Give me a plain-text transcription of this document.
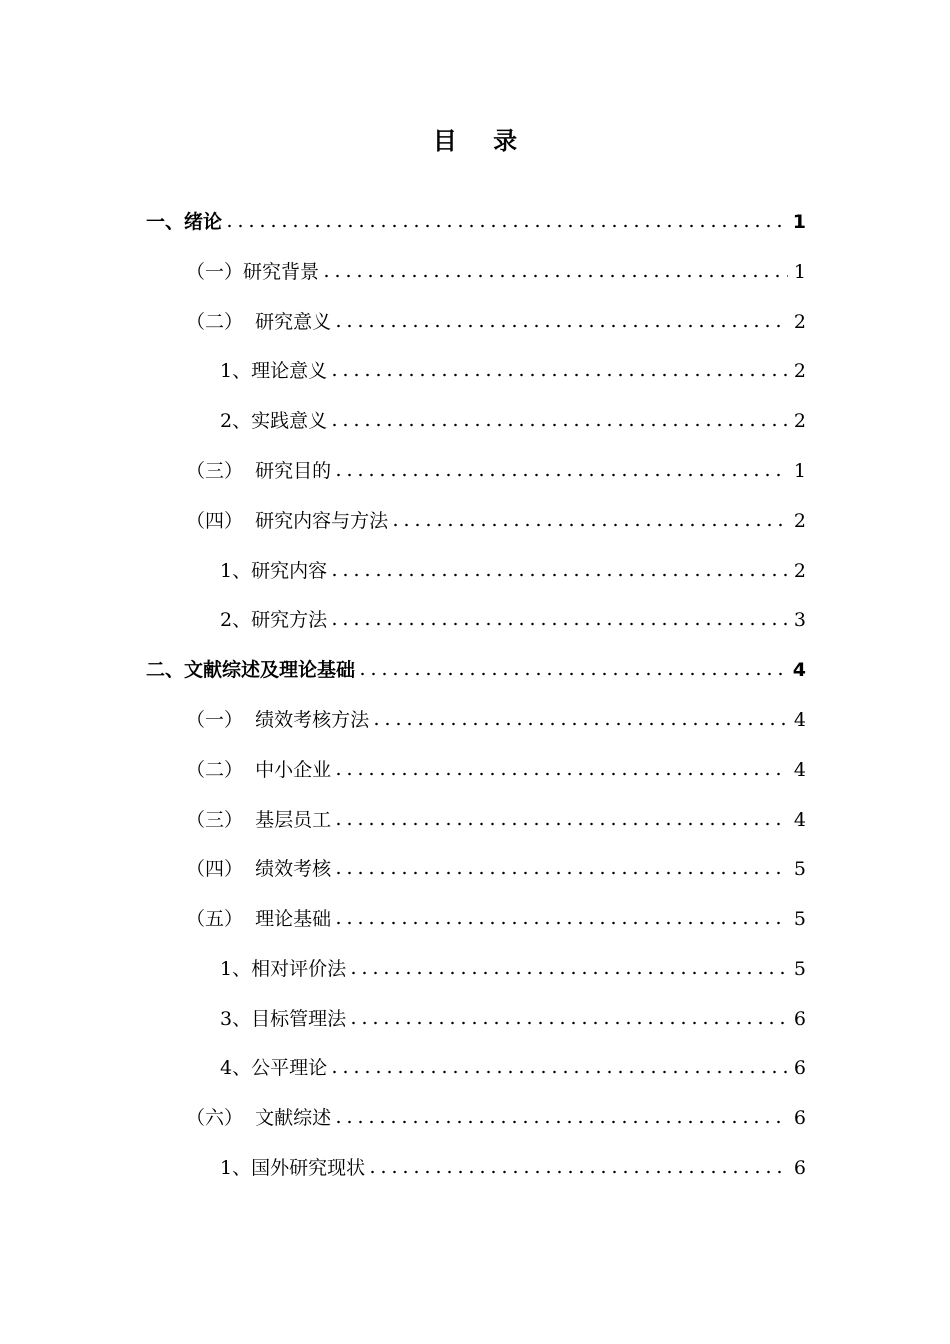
目 录
一、绪论	1
（一）研究背景	1
（二）  研究意义	2
1、理论意义	2
2、实践意义	2
（三）  研究目的	1
（四）  研究内容与方法	2
1、研究内容	2
2、研究方法	3
二、文献综述及理论基础	4
（一）  绩效考核方法	4
（二）  中小企业	4
（三）  基层员工	4
（四）  绩效考核	5
（五）  理论基础	5
1、相对评价法	5
3、目标管理法	6
4、公平理论	6
（六）  文献综述	6
1、国外研究现状	6
